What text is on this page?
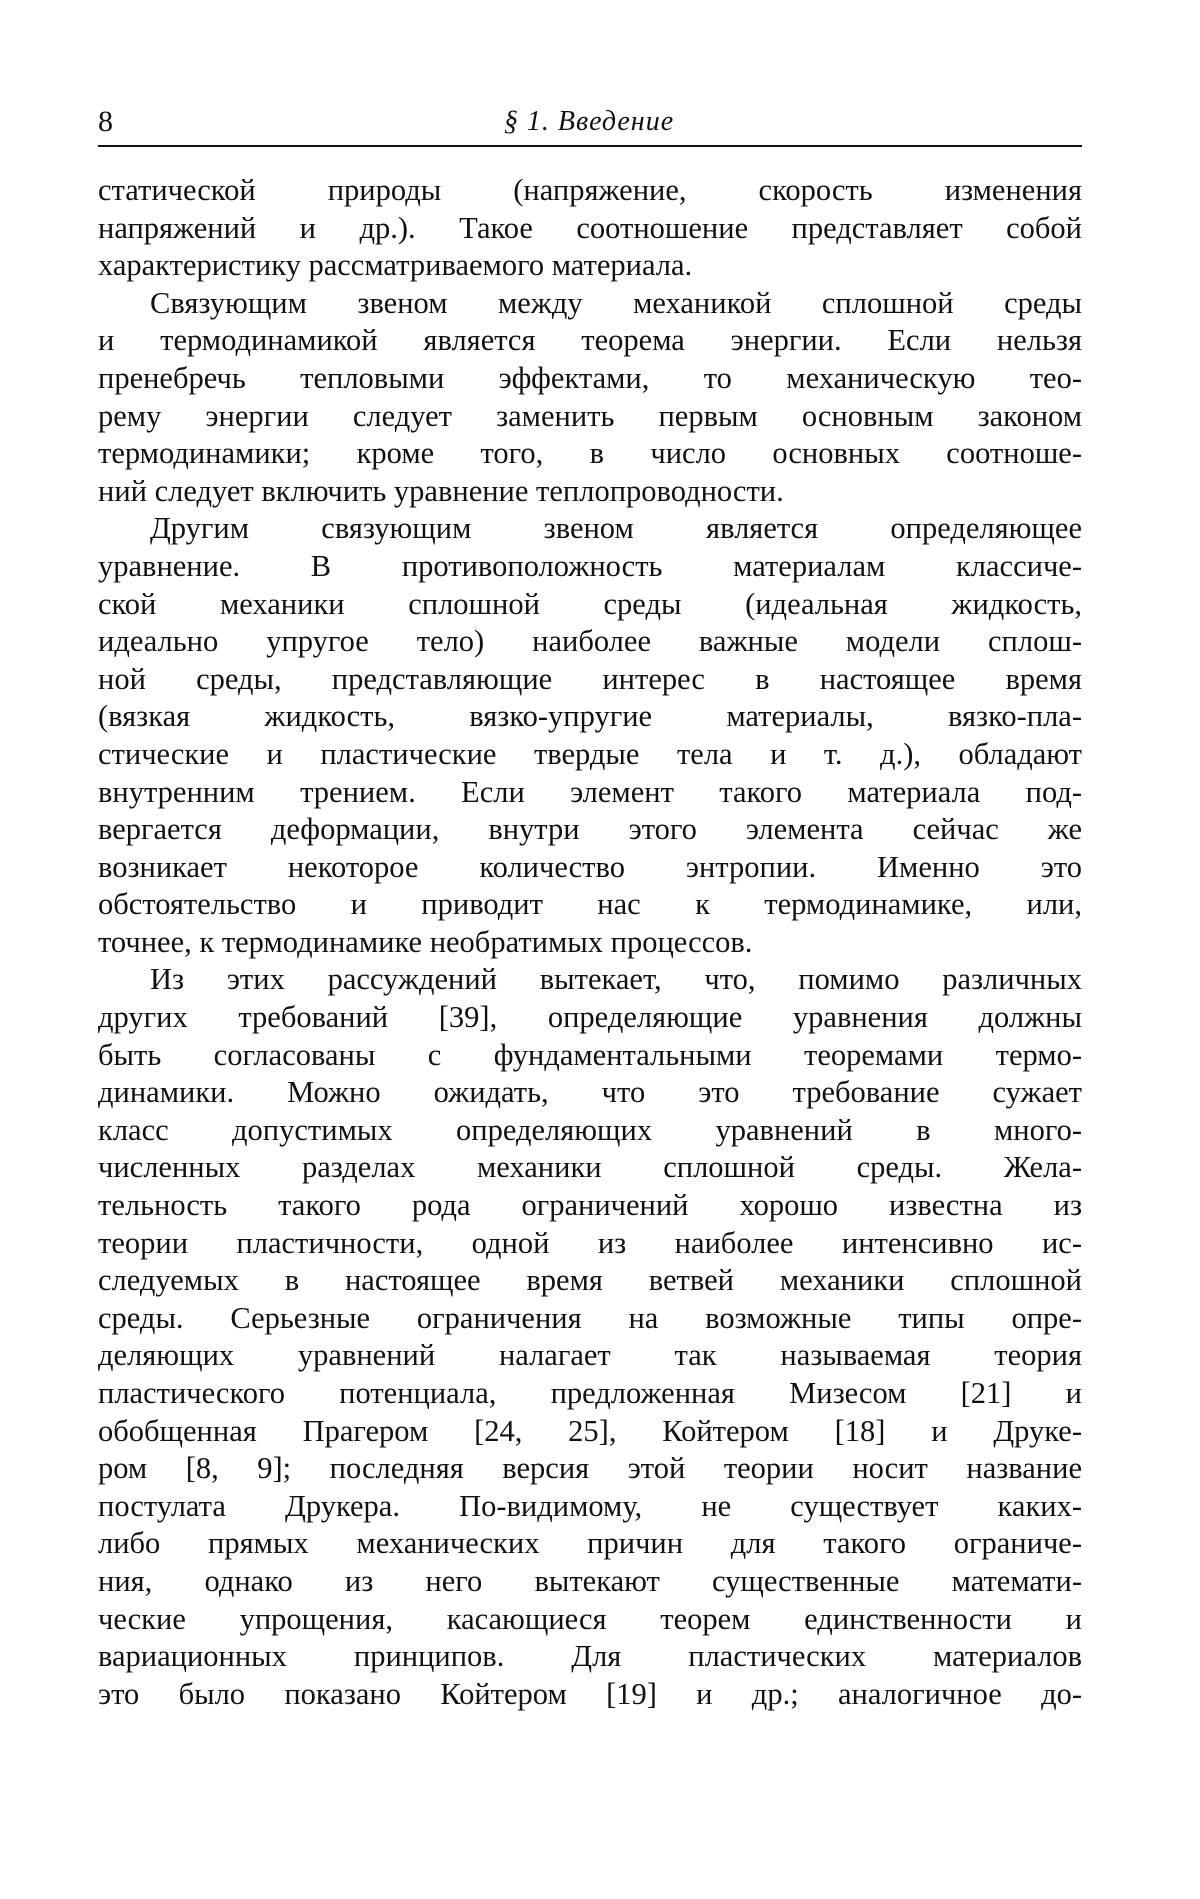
8	§ 1. Введение
статической природы (напряжение, скорость изменения
напряжений и др.). Такое соотношение представляет собой
характеристику рассматриваемого материала.
Связующим звеном между механикой сплошной среды
и термодинамикой является теорема энергии. Если нельзя
пренебречь тепловыми эффектами, то механическую тео-
рему энергии следует заменить первым основным законом
термодинамики; кроме того, в число основных соотноше-
ний следует включить уравнение теплопроводности.
Другим связующим звеном является определяющее
уравнение. В противоположность материалам классиче-
ской механики сплошной среды (идеальная жидкость,
идеально упругое тело) наиболее важные модели сплош-
ной среды, представляющие интерес в настоящее время
(вязкая жидкость, вязко-упругие материалы, вязко-пла-
стические и пластические твердые тела и т. д.), обладают
внутренним трением. Если элемент такого материала под-
вергается деформации, внутри этого элемента сейчас же
возникает некоторое количество энтропии. Именно это
обстоятельство и приводит нас к термодинамике, или,
точнее, к термодинамике необратимых процессов.
Из этих рассуждений вытекает, что, помимо различных
других требований [39], определяющие уравнения должны
быть согласованы с фундаментальными теоремами термо-
динамики. Можно ожидать, что это требование сужает
класс допустимых определяющих уравнений в много-
численных разделах механики сплошной среды. Жела-
тельность такого рода ограничений хорошо известна из
теории пластичности, одной из наиболее интенсивно ис-
следуемых в настоящее время ветвей механики сплошной
среды. Серьезные ограничения на возможные типы опре-
деляющих уравнений налагает так называемая теория
пластического потенциала, предложенная Мизесом [21] и
обобщенная Прагером [24, 25], Койтером [18] и Друке-
ром [8, 9]; последняя версия этой теории носит название
постулата Друкера. По-видимому, не существует каких-
либо прямых механических причин для такого ограниче-
ния, однако из него вытекают существенные математи-
ческие упрощения, касающиеся теорем единственности и
вариационных принципов. Для пластических материалов
это было показано Койтером [19] и др.; аналогичное до-
